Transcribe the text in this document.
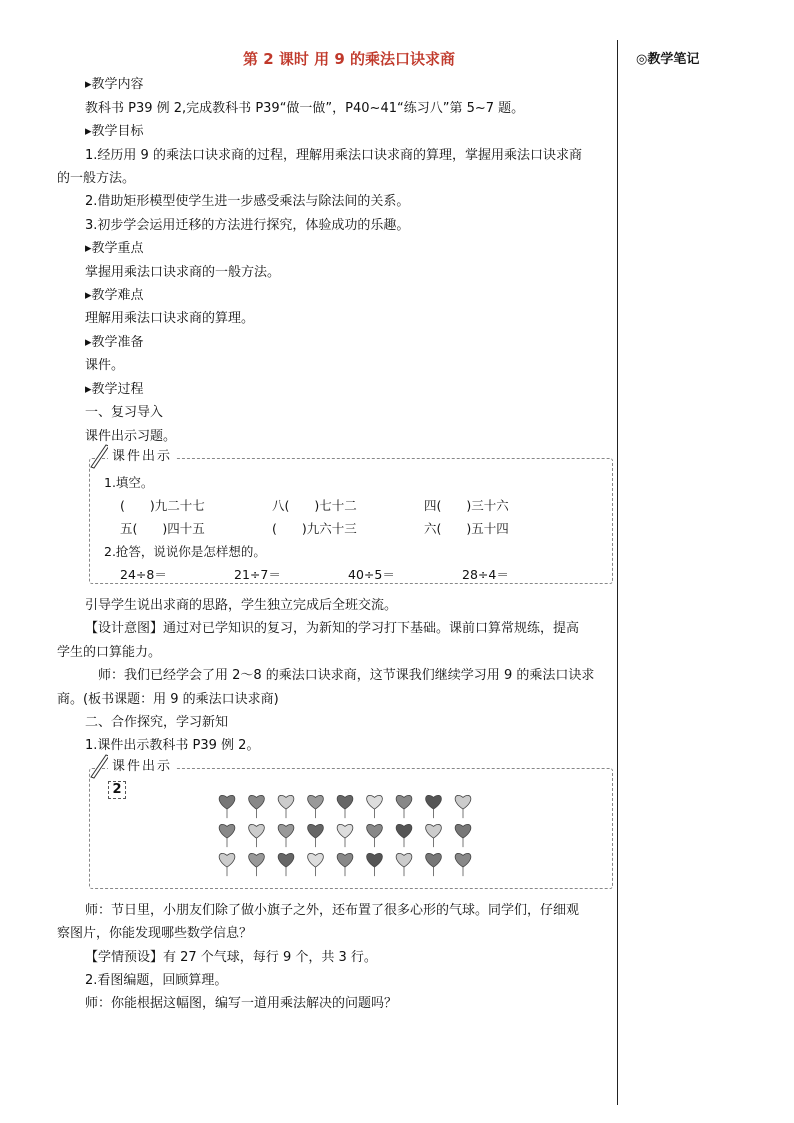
◎教学笔记
第 2 课时 用 9 的乘法口诀求商

▸教学内容

教科书 P39 例 2,完成教科书 P39“做一做”，P40~41“练习八”第 5~7 题。

▸教学目标

1.经历用 9 的乘法口诀求商的过程，理解用乘法口诀求商的算理，掌握用乘法口诀求商

的一般方法。

2.借助矩形模型使学生进一步感受乘法与除法间的关系。

3.初步学会运用迁移的方法进行探究，体验成功的乐趣。

▸教学重点

掌握用乘法口诀求商的一般方法。

▸教学难点

理解用乘法口诀求商的算理。

▸教学准备

课件。

▸教学过程

一、复习导入

课件出示习题。

课件出示
1.填空。
(　　)九二十七	八(　　)七十二	四(　　)三十六
五(　　)四十五	(　　)九六十三	六(　　)五十四
2.抢答，说说你是怎样想的。
24÷8＝	21÷7＝	40÷5＝	28÷4＝

引导学生说出求商的思路，学生独立完成后全班交流。

【设计意图】通过对已学知识的复习，为新知的学习打下基础。课前口算常规练，提高

学生的口算能力。

　师：我们已经学会了用 2～8 的乘法口诀求商，这节课我们继续学习用 9 的乘法口诀求

商。(板书课题：用 9 的乘法口诀求商)

二、合作探究，学习新知

1.课件出示教科书 P39 例 2。

课件出示
2

师：节日里，小朋友们除了做小旗子之外，还布置了很多心形的气球。同学们，仔细观

察图片，你能发现哪些数学信息？

【学情预设】有 27 个气球，每行 9 个，共 3 行。

2.看图编题，回顾算理。

师：你能根据这幅图，编写一道用乘法解决的问题吗？
